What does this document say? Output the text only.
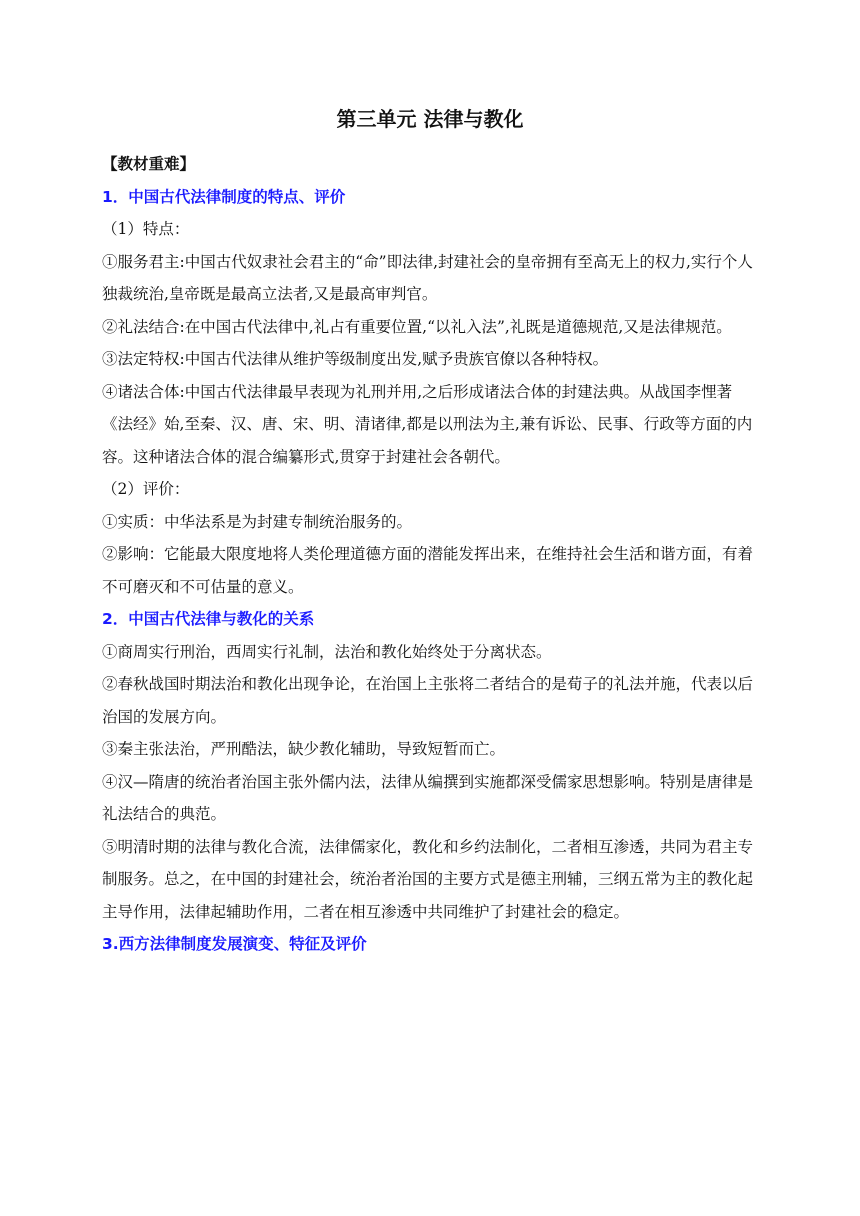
第三单元 法律与教化

【教材重难】

1．中国古代法律制度的特点、评价

（1）特点：

①服务君主:中国古代奴隶社会君主的“命”即法律,封建社会的皇帝拥有至高无上的权力,实行个人独裁统治,皇帝既是最高立法者,又是最高审判官。

②礼法结合:在中国古代法律中,礼占有重要位置,“以礼入法”,礼既是道德规范,又是法律规范。

③法定特权:中国古代法律从维护等级制度出发,赋予贵族官僚以各种特权。

④诸法合体:中国古代法律最早表现为礼刑并用,之后形成诸法合体的封建法典。从战国李悝著《法经》始,至秦、汉、唐、宋、明、清诸律,都是以刑法为主,兼有诉讼、民事、行政等方面的内容。这种诸法合体的混合编纂形式,贯穿于封建社会各朝代。

（2）评价：

①实质：中华法系是为封建专制统治服务的。

②影响：它能最大限度地将人类伦理道德方面的潜能发挥出来，在维持社会生活和谐方面，有着不可磨灭和不可估量的意义。

2．中国古代法律与教化的关系

①商周实行刑治，西周实行礼制，法治和教化始终处于分离状态。

②春秋战国时期法治和教化出现争论，在治国上主张将二者结合的是荀子的礼法并施，代表以后治国的发展方向。

③秦主张法治，严刑酷法，缺少教化辅助，导致短暂而亡。

④汉—隋唐的统治者治国主张外儒内法，法律从编撰到实施都深受儒家思想影响。特别是唐律是礼法结合的典范。

⑤明清时期的法律与教化合流，法律儒家化，教化和乡约法制化，二者相互渗透，共同为君主专制服务。总之，在中国的封建社会，统治者治国的主要方式是德主刑辅，三纲五常为主的教化起主导作用，法律起辅助作用，二者在相互渗透中共同维护了封建社会的稳定。

3.西方法律制度发展演变、特征及评价
